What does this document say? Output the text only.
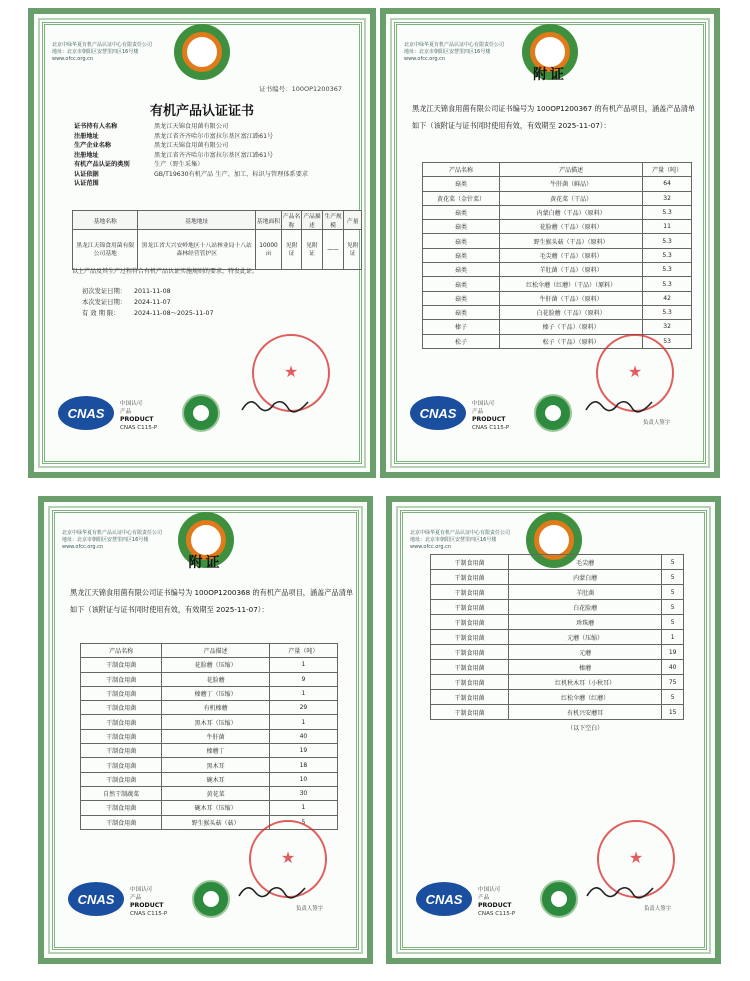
北京中绿华夏有机产品认证中心有限责任公司
地址：北京市朝阳区安慧里四区16号楼
www.ofcc.org.cn
证书编号：100OP1200367
有机产品认证证书
证书持有人名称	黑龙江天锦食用菌有限公司
注册地址	黑龙江省齐齐哈尔市富拉尔基区富江路61号
生产企业名称	黑龙江天锦食用菌有限公司
注册地址	黑龙江省齐齐哈尔市富拉尔基区富江路61号
有机产品认证的类别	生产（野生采集）
认证依据	GB/T19630有机产品 生产、加工、标识与管理体系要求
认证范围
基地名称	基地地址	基地面积	产品名称	产品描述	生产规模	产量
黑龙江天锦食用菌有限公司基地	黑龙江省大兴安岭地区十八站林业局十八站森林经营管护区	10000亩	见附证	见附证	——	见附证
以上产品及其生产过程符合有机产品认证实施规则的要求，特发此证。
初次发证日期：	2011-11-08
本次发证日期：	2024-11-07
有 效 期 限：	2024-11-08～2025-11-07
CNAS
中国认可
产品
PRODUCT
CNAS C115-P
★
北京中绿华夏有机产品认证中心有限责任公司
地址：北京市朝阳区安慧里四区16号楼
www.ofcc.org.cn
附证
黑龙江天锦食用菌有限公司证书编号为 100OP1200367 的有机产品项目，涵盖产品清单如下（该附证与证书同时使用有效，有效期至 2025-11-07）：
产品名称	产品描述	产量（吨）
菇类	牛肝菌（鲜品）	64
黄花菜（金针菜）	黄花菜（干品）	32
菇类	内蒙白蘑（干品）（原料）	5.3
菇类	花脸蘑（干品）（原料）	11
菇类	野生猴头菇（干品）（原料）	5.3
菇类	毛尖蘑（干品）（原料）	5.3
菇类	羊肚菌（干品）（原料）	5.3
菇类	红松伞蘑（红蘑）（干品）（原料）	5.3
菇类	牛肝菌（干品）（原料）	42
菇类	白花脸蘑（干品）（原料）	5.3
榛子	榛子（干品）（原料）	32
松子	松子（干品）（原料）	53
CNAS
中国认可
产品
PRODUCT
CNAS C115-P
★
负责人签字
北京中绿华夏有机产品认证中心有限责任公司
地址：北京市朝阳区安慧里四区16号楼
www.ofcc.org.cn
附证
黑龙江天锦食用菌有限公司证书编号为 100OP1200368 的有机产品项目，涵盖产品清单如下（该附证与证书同时使用有效，有效期至 2025-11-07）：
产品名称	产品描述	产量（吨）
干制食用菌	花脸蘑（压缩）	1
干制食用菌	花脸蘑	9
干制食用菌	榛蘑丁（压缩）	1
干制食用菌	有机榛蘑	29
干制食用菌	黑木耳（压缩）	1
干制食用菌	牛肝菌	40
干制食用菌	榛蘑丁	19
干制食用菌	黑木耳	18
干制食用菌	碗木耳	10
自然干制蔬菜	黄花菜	30
干制食用菌	碗木耳（压缩）	1
干制食用菌	野生猴头菇（菇）	5
CNAS
中国认可
产品
PRODUCT
CNAS C115-P
★
负责人签字
北京中绿华夏有机产品认证中心有限责任公司
地址：北京市朝阳区安慧里四区16号楼
www.ofcc.org.cn
干制食用菌	毛尖蘑	5
干制食用菌	内蒙白蘑	5
干制食用菌	羊肚菌	5
干制食用菌	白花脸蘑	5
干制食用菌	珍珠蘑	5
干制食用菌	元蘑（压缩）	1
干制食用菌	元蘑	19
干制食用菌	榛蘑	40
干制食用菌	红机秋木耳（小秋耳）	75
干制食用菌	红松伞蘑（红蘑）	5
干制食用菌	有机兴安蘑耳	15
	（以下空白）	
CNAS
中国认可
产品
PRODUCT
CNAS C115-P
★
负责人签字
